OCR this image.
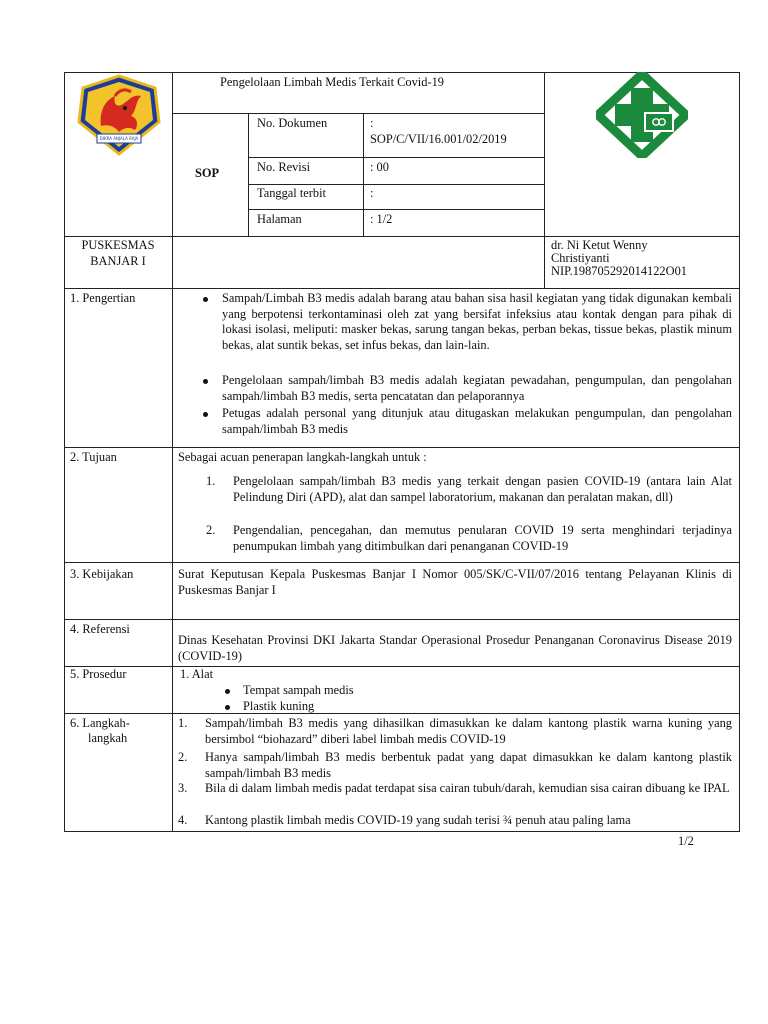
DIKRA ANJALA RAJA
Pengelolaan Limbah Medis Terkait Covid-19
SOP
No. Dokumen	:
SOP/C/VII/16.001/02/2019
No. Revisi	: 00
Tanggal terbit	:
Halaman	: 1/2
PUSKESMAS
BANJAR I
dr. Ni Ketut Wenny
Christiyanti
NIP.198705292014122O01
1. Pengertian	Sampah/Limbah B3 medis adalah barang atau bahan sisa hasil kegiatan yang tidak digunakan kembali yang berpotensi terkontaminasi oleh zat yang bersifat infeksius atau kontak dengan para pihak di lokasi isolasi, meliputi: masker bekas, sarung tangan bekas, perban bekas, tissue bekas, plastik minum bekas, alat suntik bekas, set infus bekas, dan lain-lain.
Pengelolaan sampah/limbah B3 medis adalah kegiatan pewadahan, pengumpulan, dan pengolahan sampah/limbah B3 medis, serta pencatatan dan pelaporannya
Petugas adalah personal yang ditunjuk atau ditugaskan melakukan pengumpulan, dan pengolahan sampah/limbah B3 medis
2. Tujuan	Sebagai acuan penerapan langkah-langkah untuk :
1. Pengelolaan sampah/limbah B3 medis yang terkait dengan pasien COVID-19 (antara lain Alat Pelindung Diri (APD), alat dan sampel laboratorium, makanan dan peralatan makan, dll)
2. Pengendalian, pencegahan, dan memutus penularan COVID 19 serta menghindari terjadinya penumpukan limbah yang ditimbulkan dari penanganan COVID-19
3. Kebijakan	Surat Keputusan Kepala Puskesmas Banjar I Nomor 005/SK/C-VII/07/2016 tentang Pelayanan Klinis di Puskesmas Banjar I
4. Referensi
Dinas Kesehatan Provinsi DKI Jakarta Standar Operasional Prosedur Penanganan Coronavirus Disease 2019 (COVID-19)
5. Prosedur	1. Alat
Tempat sampah medis
Plastik kuning
6. Langkah-
langkah
1. Sampah/limbah B3 medis yang dihasilkan dimasukkan ke dalam kantong plastik warna kuning yang bersimbol “biohazard” diberi label limbah medis COVID-19
2. Hanya sampah/limbah B3 medis berbentuk padat yang dapat dimasukkan ke dalam kantong plastik sampah/limbah B3 medis
3. Bila di dalam limbah medis padat terdapat sisa cairan tubuh/darah, kemudian sisa cairan dibuang ke IPAL
4. Kantong plastik limbah medis COVID-19 yang sudah terisi ¾ penuh atau paling lama
1/2
